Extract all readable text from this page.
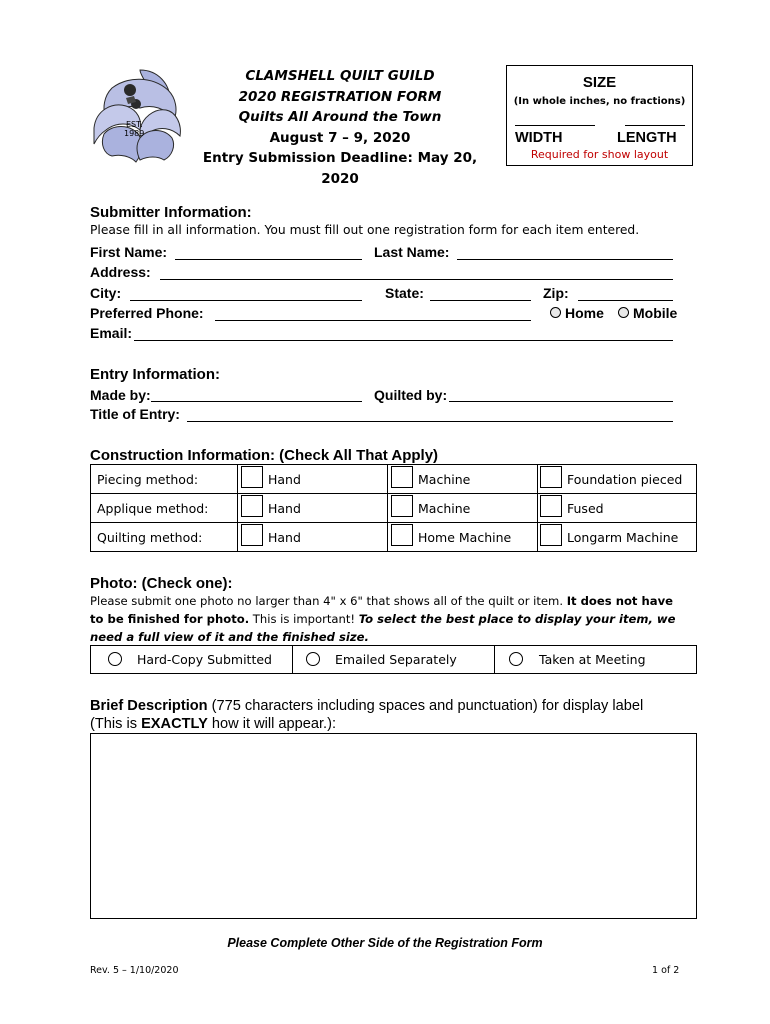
EST.
1989
CLAMSHELL QUILT GUILD
2020 REGISTRATION FORM
Quilts All Around the Town
August 7 – 9, 2020
Entry Submission Deadline: May 20, 2020
SIZE
(In whole inches, no fractions)
WIDTH	LENGTH
Required for show layout
Submitter Information:
Please fill in all information. You must fill out one registration form for each item entered.
First Name:	Last Name:
Address:
City:	State:	Zip:
Preferred Phone:	Home Mobile
Email:
Entry Information:
Made by:	Quilted by:
Title of Entry:
Construction Information: (Check All That Apply)
Piecing method:	Hand	Machine	Foundation pieced
Applique method:	Hand	Machine	Fused
Quilting method:	Hand	Home Machine	Longarm Machine
Photo: (Check one):
Please submit one photo no larger than 4" x 6" that shows all of the quilt or item. It does not have to be finished for photo. This is important! To select the best place to display your item, we need a full view of it and the finished size.
Hard-Copy Submitted	Emailed Separately	Taken at Meeting
Brief Description (775 characters including spaces and punctuation) for display label
(This is EXACTLY how it will appear.):
Please Complete Other Side of the Registration Form
Rev. 5 – 1/10/2020	1 of 2
